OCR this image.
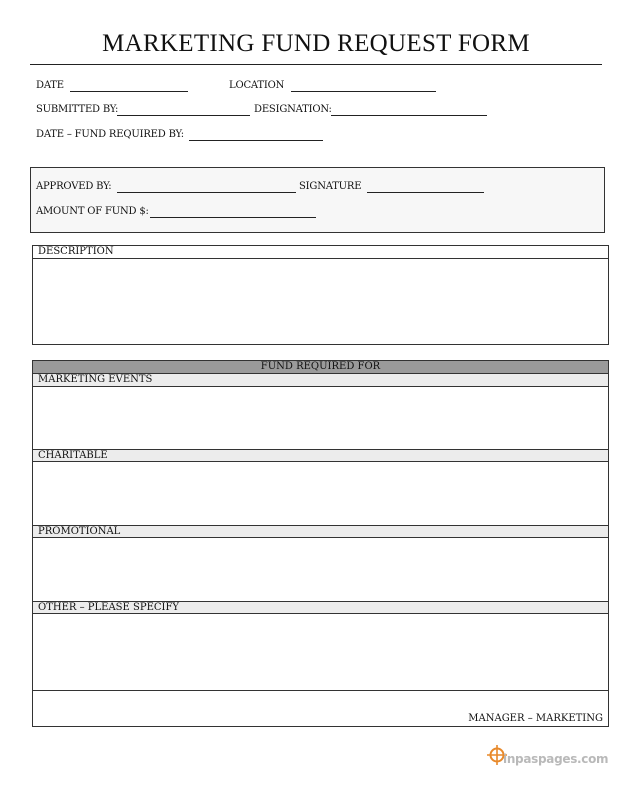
MARKETING FUND REQUEST FORM
DATE	LOCATION
SUBMITTED BY:	DESIGNATION:
DATE – FUND REQUIRED BY:
APPROVED BY:	SIGNATURE
AMOUNT OF FUND $:
DESCRIPTION
FUND REQUIRED FOR
MARKETING EVENTS
CHARITABLE
PROMOTIONAL
OTHER – PLEASE SPECIFY
MANAGER – MARKETING
inpaspages.com
